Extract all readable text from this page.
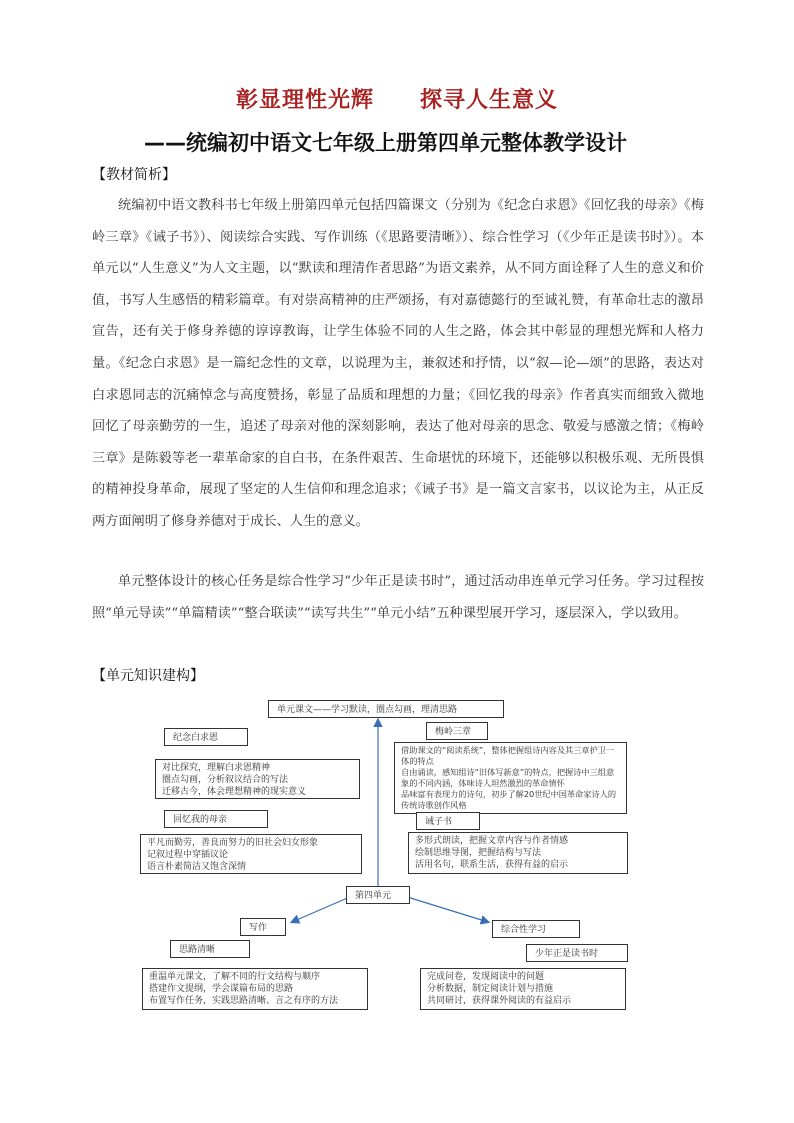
彰显理性光辉　　探寻人生意义
——统编初中语文七年级上册第四单元整体教学设计
【教材简析】

统编初中语文教科书七年级上册第四单元包括四篇课文（分别为《纪念白求恩》《回忆我的母亲》《梅岭三章》《诫子书》）、阅读综合实践、写作训练（《思路要清晰》）、综合性学习（《少年正是读书时》）。本单元以“人生意义”为人文主题，以“默读和理清作者思路”为语文素养，从不同方面诠释了人生的意义和价值，书写人生感悟的精彩篇章。有对崇高精神的庄严颂扬，有对嘉德懿行的至诚礼赞，有革命壮志的激昂宣告，还有关于修身养德的谆谆教诲，让学生体验不同的人生之路，体会其中彰显的理想光辉和人格力量。《纪念白求恩》是一篇纪念性的文章，以说理为主，兼叙述和抒情，以“叙—论—颂”的思路，表达对白求恩同志的沉痛悼念与高度赞扬，彰显了品质和理想的力量；《回忆我的母亲》作者真实而细致入微地回忆了母亲勤劳的一生，追述了母亲对他的深刻影响，表达了他对母亲的思念、敬爱与感激之情；《梅岭三章》是陈毅等老一辈革命家的自白书，在条件艰苦、生命堪忧的环境下，还能够以积极乐观、无所畏惧的精神投身革命，展现了坚定的人生信仰和理念追求；《诫子书》是一篇文言家书，以议论为主，从正反两方面阐明了修身养德对于成长、人生的意义。

单元整体设计的核心任务是综合性学习“少年正是读书时”，通过活动串连单元学习任务。学习过程按照“单元导读”“单篇精读”“整合联读”“读写共生”“单元小结”五种课型展开学习，逐层深入，学以致用。

【单元知识建构】
单元课文——学习默读，圈点勾画，理清思路
纪念白求恩
对比探究，理解白求恩精神
圈点勾画，分析叙议结合的写法
迁移古今，体会理想精神的现实意义
回忆我的母亲
平凡而勤劳，善良而努力的旧社会妇女形象
记叙过程中穿插议论
语言朴素简洁又饱含深情
梅岭三章
借助课文的“阅读系统”，整体把握组诗内容及其三章护卫一体的特点
自由诵读，感知组诗“旧体写新意”的特点，把握诗中三组意象的不同内涵，体味诗人坦然激烈的革命情怀
品味富有表现力的诗句，初步了解20世纪中国革命家诗人的传统诗歌创作风格
诫子书
多形式朗读，把握文章内容与作者情感
绘制思维导图，把握结构与写法
活用名句，联系生活，获得有益的启示
第四单元
写作
思路清晰
重温单元课文，了解不同的行文结构与顺序
搭建作文提纲，学会谋篇布局的思路
布置写作任务，实践思路清晰、言之有序的方法
综合性学习
少年正是读书时
完成问卷，发现阅读中的问题
分析数据，制定阅读计划与措施
共同研讨，获得课外阅读的有益启示
